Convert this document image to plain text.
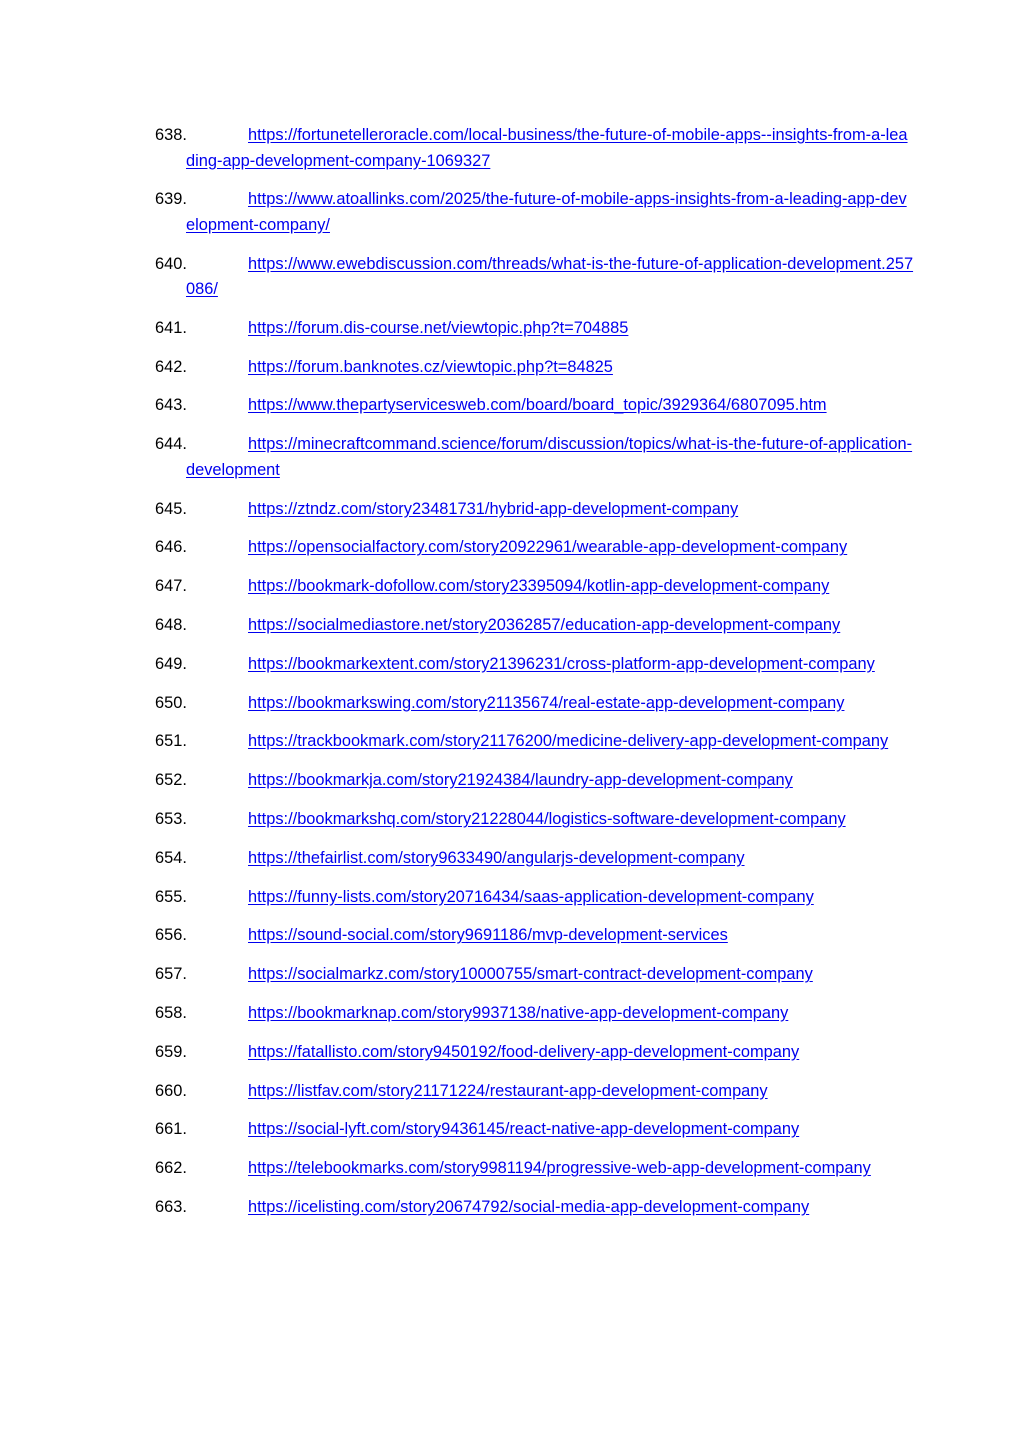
638.	https://fortunetelleroracle.com/local-business/the-future-of-mobile-apps--insights-from-a-leading-app-development-company-1069327
639.	https://www.atoallinks.com/2025/the-future-of-mobile-apps-insights-from-a-leading-app-development-company/
640.	https://www.ewebdiscussion.com/threads/what-is-the-future-of-application-development.257086/
641.	https://forum.dis-course.net/viewtopic.php?t=704885
642.	https://forum.banknotes.cz/viewtopic.php?t=84825
643.	https://www.thepartyservicesweb.com/board/board_topic/3929364/6807095.htm
644.	https://minecraftcommand.science/forum/discussion/topics/what-is-the-future-of-application-development
645.	https://ztndz.com/story23481731/hybrid-app-development-company
646.	https://opensocialfactory.com/story20922961/wearable-app-development-company
647.	https://bookmark-dofollow.com/story23395094/kotlin-app-development-company
648.	https://socialmediastore.net/story20362857/education-app-development-company
649.	https://bookmarkextent.com/story21396231/cross-platform-app-development-company
650.	https://bookmarkswing.com/story21135674/real-estate-app-development-company
651.	https://trackbookmark.com/story21176200/medicine-delivery-app-development-company
652.	https://bookmarkja.com/story21924384/laundry-app-development-company
653.	https://bookmarkshq.com/story21228044/logistics-software-development-company
654.	https://thefairlist.com/story9633490/angularjs-development-company
655.	https://funny-lists.com/story20716434/saas-application-development-company
656.	https://sound-social.com/story9691186/mvp-development-services
657.	https://socialmarkz.com/story10000755/smart-contract-development-company
658.	https://bookmarknap.com/story9937138/native-app-development-company
659.	https://fatallisto.com/story9450192/food-delivery-app-development-company
660.	https://listfav.com/story21171224/restaurant-app-development-company
661.	https://social-lyft.com/story9436145/react-native-app-development-company
662.	https://telebookmarks.com/story9981194/progressive-web-app-development-company
663.	https://icelisting.com/story20674792/social-media-app-development-company
